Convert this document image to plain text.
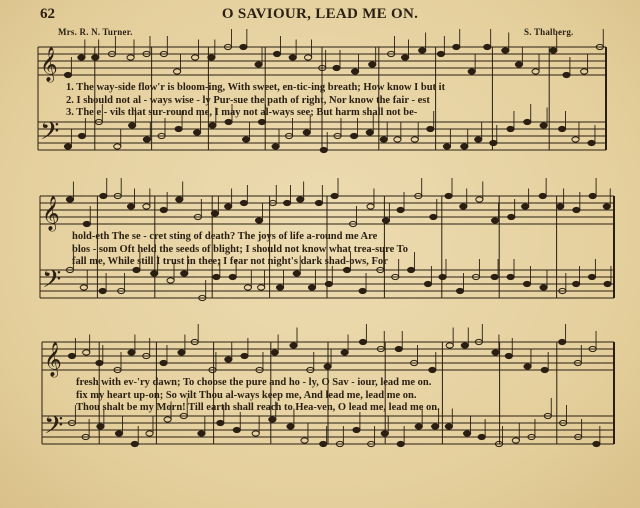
62	O SAVIOUR, LEAD ME ON.
Mrs. R. N. Turner.	S. Thalberg.
𝄞
𝄢
𝄞
𝄢
𝄞
𝄢
1. The way-side flow'r is bloom-ing, With sweet, en-tic-ing breath; How know I but it
2. I should not al - ways wise - ly Pur-sue the path of right, Nor know the fair - est
3. The e - vils that sur-round me, I may not al-ways see; But harm shall not be-
hold-eth The se - cret sting of death? The joys of life a-round me Are
blos - som Oft held the seeds of blight; I should not know what trea-sure To
fall me, While still I trust in thee; I fear not night's dark shad-ows, For
fresh with ev-'ry dawn; To choose the pure and ho - ly, O Sav - iour, lead me on.
fix my heart up-on; So wilt Thou al-ways keep me, And lead me, lead me on.
Thou shalt be my Morn! Till earth shall reach to Hea-ven, O lead me, lead me on.
